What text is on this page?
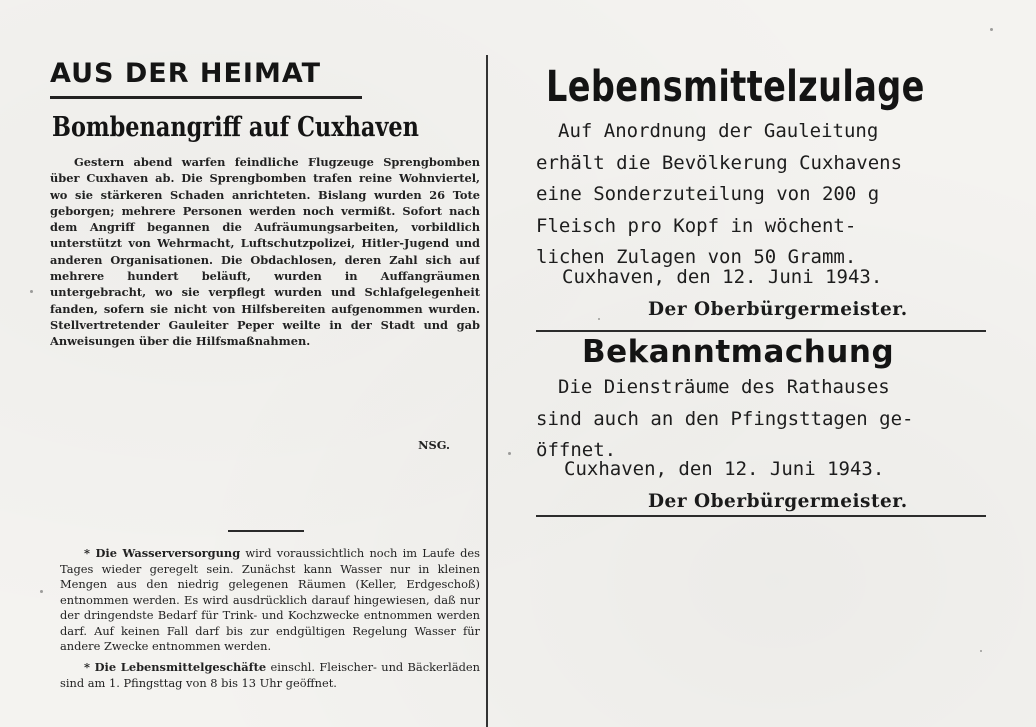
AUS DER HEIMAT
Bombenangriff auf Cuxhaven

Gestern abend warfen feindliche Flugzeuge Sprengbomben über Cuxhaven ab. Die Sprengbomben trafen reine Wohnviertel, wo sie stärkeren Schaden anrichteten. Bislang wurden 26 Tote geborgen; mehrere Personen werden noch vermißt. Sofort nach dem Angriff begannen die Aufräumungsarbeiten, vorbildlich unterstützt von Wehrmacht, Luftschutzpolizei, Hitler-Jugend und anderen Organisationen. Die Obdachlosen, deren Zahl sich auf mehrere hundert beläuft, wurden in Auffangräumen untergebracht, wo sie verpflegt wurden und Schlafgelegenheit fanden, sofern sie nicht von Hilfsbereiten aufgenommen wurden. Stellvertretender Gauleiter Peper weilte in der Stadt und gab Anweisungen über die Hilfsmaßnahmen.

* Die Wasserversorgung wird voraussichtlich noch im Laufe des Tages wieder geregelt sein. Zunächst kann Wasser nur in kleinen Mengen aus den niedrig gelegenen Räumen (Keller, Erdgeschoß) entnommen werden. Es wird ausdrücklich darauf hingewiesen, daß nur der dringendste Bedarf für Trink- und Kochzwecke entnommen werden darf. Auf keinen Fall darf bis zur endgültigen Regelung Wasser für andere Zwecke entnommen werden.

* Die Lebensmittelgeschäfte einschl. Fleischer- und Bäckerläden sind am 1. Pfingsttag von 8 bis 13 Uhr geöffnet.

NSG.
Lebensmittelzulage
Auf Anordnung der Gauleitung
erhält die Bevölkerung Cuxhavens
eine Sonderzuteilung von 200 g
Fleisch pro Kopf in wöchent-
lichen Zulagen von 50 Gramm.
Cuxhaven, den 12. Juni 1943.
Der Oberbürgermeister.
Bekanntmachung
Die Diensträume des Rathauses
sind auch an den Pfingsttagen ge-
öffnet.
Cuxhaven, den 12. Juni 1943.
Der Oberbürgermeister.
